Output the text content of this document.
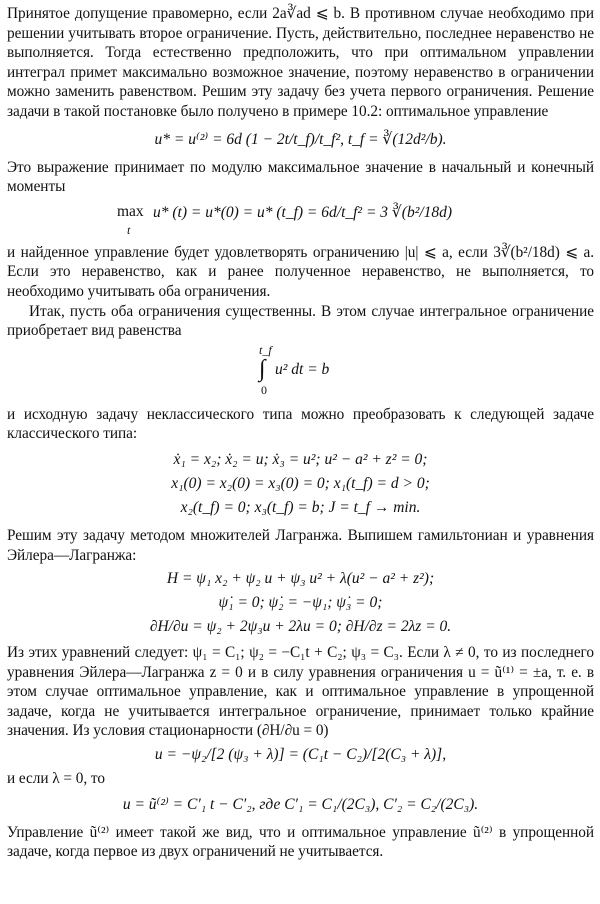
Принятое допущение правомерно, если 2a∛ad ⩽ b. В противном случае необходимо при решении учитывать второе ограничение. Пусть, действительно, последнее неравенство не выполняется. Тогда естественно предположить, что при оптимальном управлении интеграл примет максимально возможное значение, поэтому неравенство в ограничении можно заменить равенством. Решим эту задачу без учета первого ограничения. Решение задачи в такой постановке было получено в примере 10.2: оптимальное управление

u* = u⁽²⁾ = 6d (1 − 2t/t_f)/t_f², t_f = ∛(12d²/b).

Это выражение принимает по модулю максимальное значение в начальный и конечный моменты

max
t
u* (t) = u*(0) = u* (t_f) = 6d/t_f² = 3 ∛(b²/18d)

и найденное управление будет удовлетворять ограничению |u| ⩽ a, если 3∛(b²/18d) ⩽ a. Если это неравенство, как и ранее полученное неравенство, не выполняется, то необходимо учитывать оба ограничения.

Итак, пусть оба ограничения существенны. В этом случае интегральное ограничение приобретает вид равенства

t_f
∫
0
u² dt = b

и исходную задачу неклассического типа можно преобразовать к следующей задаче классического типа:

ẋ₁ = x₂; ẋ₂ = u; ẋ₃ = u²; u² − a² + z² = 0;

x₁(0) = x₂(0) = x₃(0) = 0; x₁(t_f) = d > 0;

x₂(t_f) = 0; x₃(t_f) = b; J = t_f → min.

Решим эту задачу методом множителей Лагранжа. Выпишем гамильтониан и уравнения Эйлера—Лагранжа:

H = ψ₁ x₂ + ψ₂ u + ψ₃ u² + λ(u² − a² + z²);

ψ̇₁ = 0; ψ̇₂ = −ψ₁; ψ̇₃ = 0;

∂H/∂u = ψ₂ + 2ψ₃u + 2λu = 0; ∂H/∂z = 2λz = 0.

Из этих уравнений следует: ψ₁ = C₁; ψ₂ = −C₁t + C₂; ψ₃ = C₃. Если λ ≠ 0, то из последнего уравнения Эйлера—Лагранжа z = 0 и в силу уравнения ограничения u = ũ⁽¹⁾ = ±a, т. е. в этом случае оптимальное управление, как и оптимальное управление в упрощенной задаче, когда не учитывается интегральное ограничение, принимает только крайние значения. Из условия стационарности (∂H/∂u = 0)

u = −ψ₂/[2 (ψ₃ + λ)] = (C₁t − C₂)/[2(C₃ + λ)],

и если λ = 0, то

u = ũ⁽²⁾ = C′₁ t − C′₂, где C′₁ = C₁/(2C₃), C′₂ = C₂/(2C₃).

Управление ũ⁽²⁾ имеет такой же вид, что и оптимальное управление ũ⁽²⁾ в упрощенной задаче, когда первое из двух ограничений не учитывается.
